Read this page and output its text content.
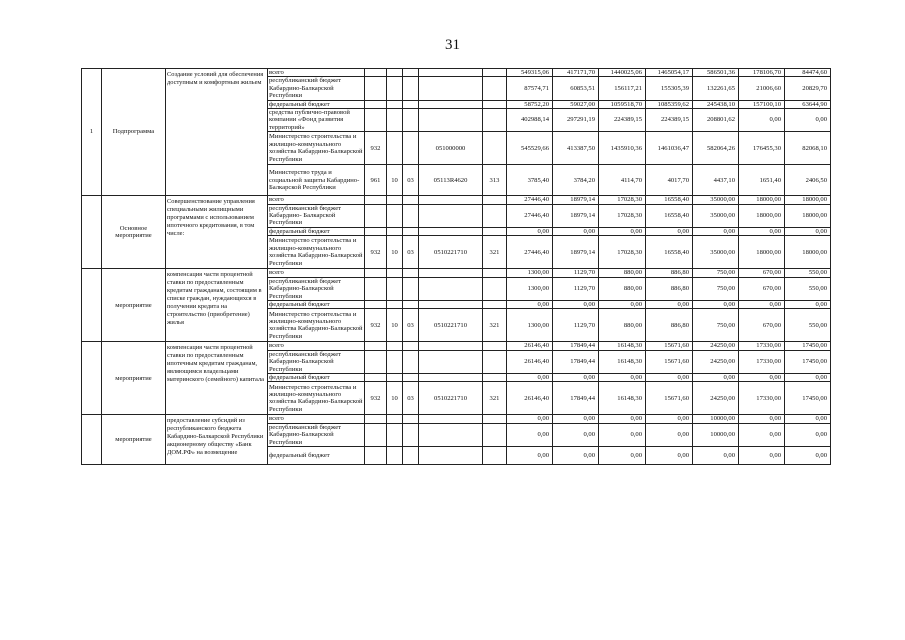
31
1	Подпрограмма	Создание условий для обеспечения доступным и комфортным жильем	всего						549315,06	417171,70	1440025,06	1465054,17	586501,36	178106,70	84474,60
			республиканский бюджет Кабардино-Балкарской Республики						87574,71	60853,51	156117,21	155305,39	132261,65	21006,60	20829,70
			федеральный бюджет						58752,20	59027,00	1059518,70	1085359,62	245438,10	157100,10	63644,90
			средства публично-правовой компании «Фонд развития территорий»						402988,14	297291,19	224389,15	224389,15	208801,62	0,00	0,00
			Министерство строительства и жилищно-коммунального хозяйства Кабардино-Балкарской Республики	932			051000000		545529,66	413387,50	1435910,36	1461036,47	582064,26	176455,30	82068,10
			Министерство труда и социальной защиты Кабардино-Балкарской Республики	961	10	03	05113R4620	313	3785,40	3784,20	4114,70	4017,70	4437,10	1651,40	2406,50
	Основное мероприятие	Совершенствование управления специальными жилищными программами с использованием ипотечного кредитования, в том числе:	всего						27446,40	18979,14	17028,30	16558,40	35000,00	18000,00	18000,00
			республиканский бюджет Кабардино- Балкарской Республики						27446,40	18979,14	17028,30	16558,40	35000,00	18000,00	18000,00
			федеральный бюджет						0,00	0,00	0,00	0,00	0,00	0,00	0,00
			Министерство строительства и жилищно-коммунального хозяйства Кабардино-Балкарской Республики	932	10	03	0510221710	321	27446,40	18979,14	17028,30	16558,40	35000,00	18000,00	18000,00
	мероприятие	компенсация части процентной ставки по предоставленным кредитам гражданам, состоящим в списке граждан, нуждающихся в получении кредита на строительство (приобретение) жилья	всего						1300,00	1129,70	880,00	886,80	750,00	670,00	550,00
			республиканский бюджет Кабардино-Балкарской Республики						1300,00	1129,70	880,00	886,80	750,00	670,00	550,00
			федеральный бюджет						0,00	0,00	0,00	0,00	0,00	0,00	0,00
			Министерство строительства и жилищно-коммунального хозяйства Кабардино-Балкарской Республики	932	10	03	0510221710	321	1300,00	1129,70	880,00	886,80	750,00	670,00	550,00
	мероприятие	компенсация части процентной ставки по предоставленным ипотечным кредитам гражданам, являющимся владельцами материнского (семейного) капитала	всего						26146,40	17849,44	16148,30	15671,60	24250,00	17330,00	17450,00
			республиканский бюджет Кабардино-Балкарской Республики						26146,40	17849,44	16148,30	15671,60	24250,00	17330,00	17450,00
			федеральный бюджет						0,00	0,00	0,00	0,00	0,00	0,00	0,00
			Министерство строительства и жилищно-коммунального хозяйства Кабардино-Балкарской Республики	932	10	03	0510221710	321	26146,40	17849,44	16148,30	15671,60	24250,00	17330,00	17450,00
	мероприятие	предоставление субсидий из республиканского бюджета Кабардино-Балкарской Республики акционерному обществу «Банк ДОМ.РФ» на возмещение	всего						0,00	0,00	0,00	0,00	10000,00	0,00	0,00
			республиканский бюджет Кабардино-Балкарской Республики						0,00	0,00	0,00	0,00	10000,00	0,00	0,00
			федеральный бюджет						0,00	0,00	0,00	0,00	0,00	0,00	0,00
